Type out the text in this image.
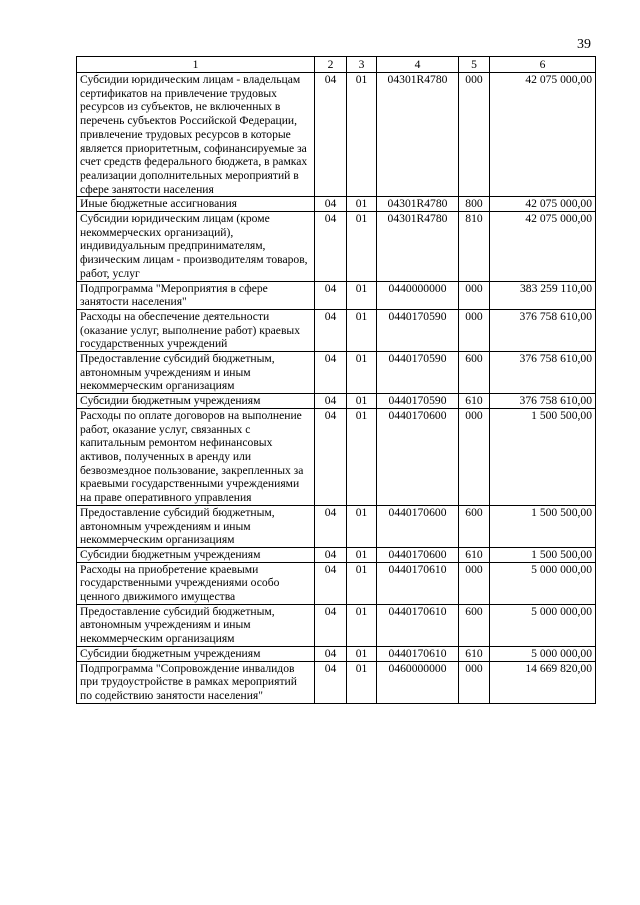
39
1	2	3	4	5	6
Субсидии юридическим лицам - владельцам сертификатов на привлечение трудовых ресурсов из субъектов, не включенных в перечень субъектов Российской Федерации, привлечение трудовых ресурсов в которые является приоритетным, софинансируемые за счет средств федерального бюджета, в рамках реализации дополнительных мероприятий в сфере занятости населения	04	01	04301R4780	000	42 075 000,00
Иные бюджетные ассигнования	04	01	04301R4780	800	42 075 000,00
Субсидии юридическим лицам (кроме некоммерческих организаций), индивидуальным предпринимателям, физическим лицам - производителям товаров, работ, услуг	04	01	04301R4780	810	42 075 000,00
Подпрограмма "Мероприятия в сфере занятости населения"	04	01	0440000000	000	383 259 110,00
Расходы на обеспечение деятельности (оказание услуг, выполнение работ) краевых государственных учреждений	04	01	0440170590	000	376 758 610,00
Предоставление субсидий бюджетным, автономным учреждениям и иным некоммерческим организациям	04	01	0440170590	600	376 758 610,00
Субсидии бюджетным учреждениям	04	01	0440170590	610	376 758 610,00
Расходы по оплате договоров на выполнение работ, оказание услуг, связанных с капитальным ремонтом нефинансовых активов, полученных в аренду или безвозмездное пользование, закрепленных за краевыми государственными учреждениями на праве оперативного управления	04	01	0440170600	000	1 500 500,00
Предоставление субсидий бюджетным, автономным учреждениям и иным некоммерческим организациям	04	01	0440170600	600	1 500 500,00
Субсидии бюджетным учреждениям	04	01	0440170600	610	1 500 500,00
Расходы на приобретение краевыми государственными учреждениями особо ценного движимого имущества	04	01	0440170610	000	5 000 000,00
Предоставление субсидий бюджетным, автономным учреждениям и иным некоммерческим организациям	04	01	0440170610	600	5 000 000,00
Субсидии бюджетным учреждениям	04	01	0440170610	610	5 000 000,00
Подпрограмма "Сопровождение инвалидов при трудоустройстве в рамках мероприятий по содействию занятости населения"	04	01	0460000000	000	14 669 820,00
